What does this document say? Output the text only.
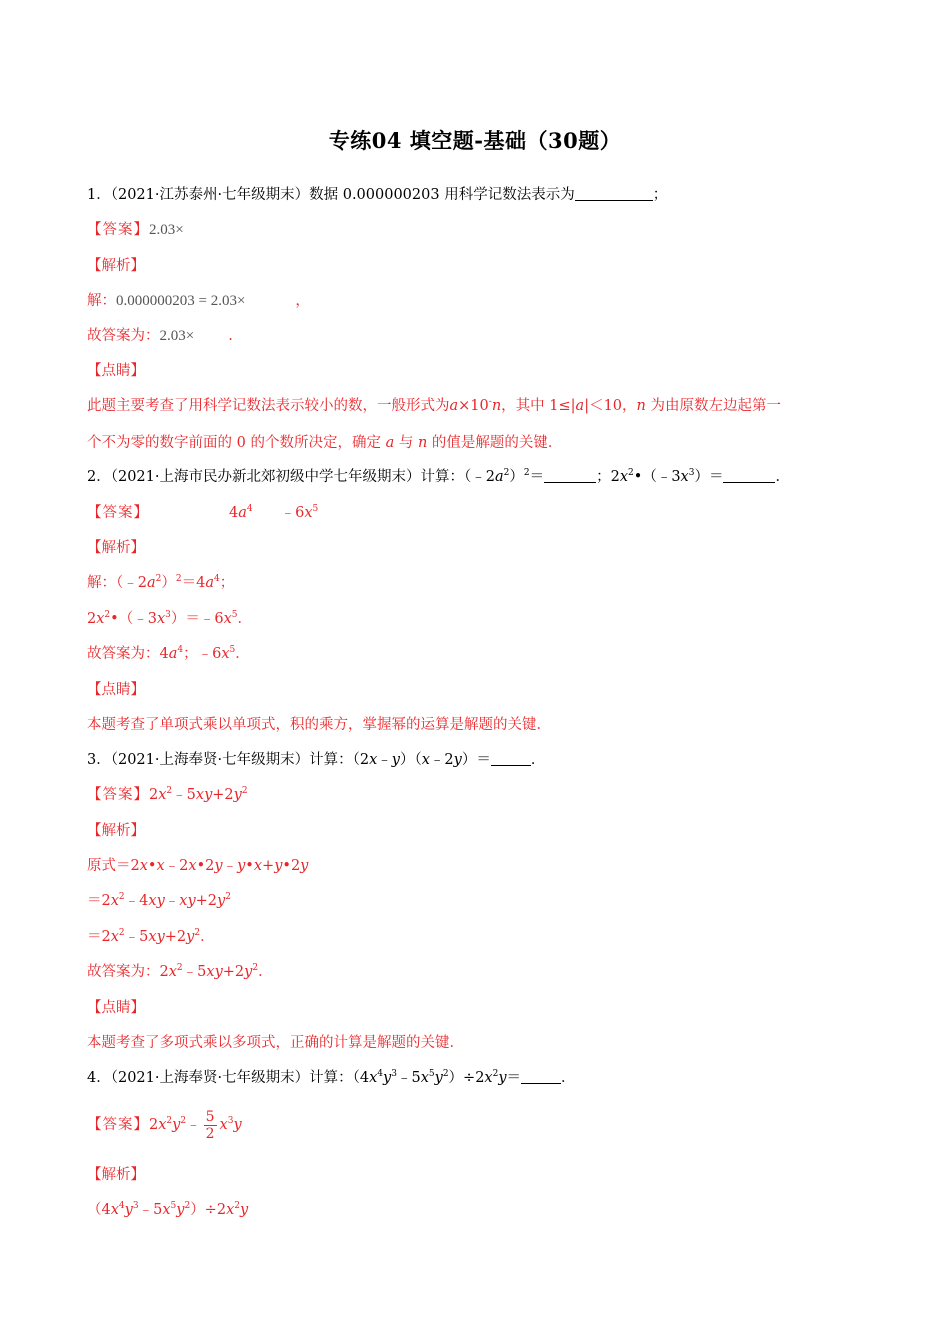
专练04 填空题-基础（30题）
1．（2021·江苏泰州·七年级期末）数据 0.000000203 用科学记数法表示为	；
【答案】2.03×
【解析】
解：0.000000203 = 2.03×	，
故答案为：2.03× .
【点睛】
此题主要考查了用科学记数法表示较小的数，一般形式为a×10-n，其中 1≤|a|＜10，n 为由原数左边起第一
个不为零的数字前面的 0 的个数所决定，确定 a 与 n 的值是解题的关键．
2．（2021·上海市民办新北郊初级中学七年级期末）计算：$(﹣2a^2)^2=$	；$2x^2•(﹣3x^3)=$	．
【答案】	$4a^4$ $﹣6x^5$
【解析】
解：$(﹣2a^2)^2=4a^4$；
$2x^2•(﹣3x^3)=﹣6x^5$．
故答案为：$4a^4$；$﹣6x^5$．
【点睛】
本题考查了单项式乘以单项式，积的乘方，掌握幂的运算是解题的关键．
3．（2021·上海奉贤·七年级期末）计算：（2x﹣y）（x﹣2y）＝	．
【答案】$2x^2﹣5xy+2y^2$
【解析】
原式＝2x•x﹣2x•2y﹣y•x+y•2y
$=2x^2﹣4xy﹣xy+2y^2$
$=2x^2﹣5xy+2y^2$．
故答案为：$2x^2﹣5xy+2y^2$．
【点睛】
本题考查了多项式乘以多项式，正确的计算是解题的关键．
4．（2021·上海奉贤·七年级期末）计算：$(4x^4y^3﹣5x^5y^2)\div 2x^2y=$	．
【答案】$2x^2y^2﹣ \frac{5}{2} x^3y$
【解析】
$(4x^4y^3﹣5x^5y^2)\div 2x^2y$
